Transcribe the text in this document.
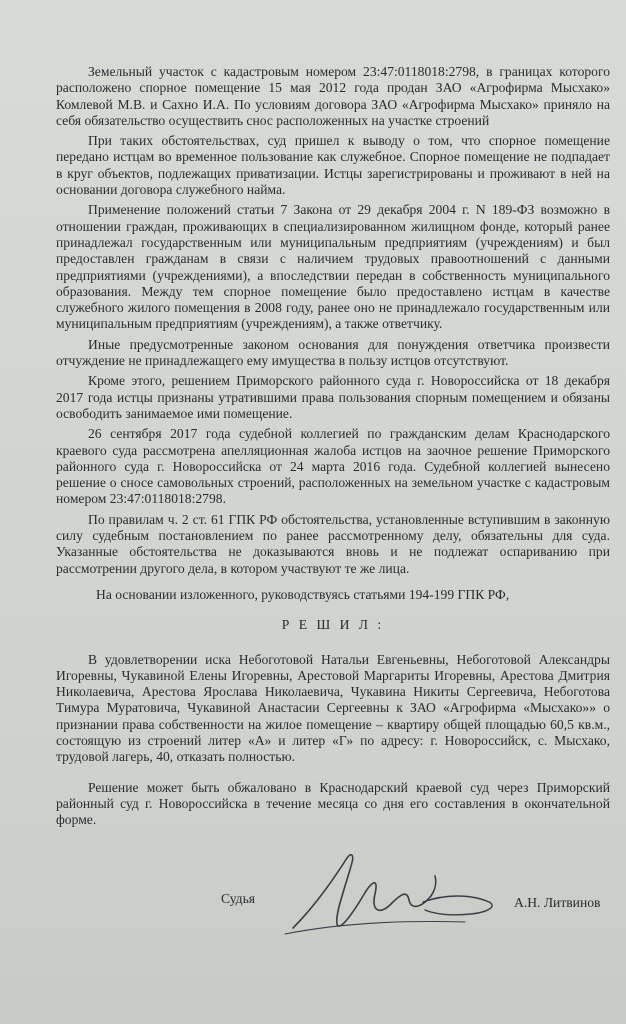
Земельный участок с кадастровым номером 23:47:0118018:2798, в границах которого расположено спорное помещение 15 мая 2012 года продан ЗАО «Агрофирма Мысхако» Комлевой М.В. и Сахно И.А. По условиям договора ЗАО «Агрофирма Мысхако» приняло на себя обязательство осуществить снос расположенных на участке строений

При таких обстоятельствах, суд пришел к выводу о том, что спорное помещение передано истцам во временное пользование как служебное. Спорное помещение не подпадает в круг объектов, подлежащих приватизации. Истцы зарегистрированы и проживают в ней на основании договора служебного найма.

Применение положений статьи 7 Закона от 29 декабря 2004 г. N 189-ФЗ возможно в отношении граждан, проживающих в специализированном жилищном фонде, который ранее принадлежал государственным или муниципальным предприятиям (учреждениям) и был предоставлен гражданам в связи с наличием трудовых правоотношений с данными предприятиями (учреждениями), а впоследствии передан в собственность муниципального образования. Между тем спорное помещение было предоставлено истцам в качестве служебного жилого помещения в 2008 году, ранее оно не принадлежало государственным или муниципальным предприятиям (учреждениям), а также ответчику.

Иные предусмотренные законом основания для понуждения ответчика произвести отчуждение не принадлежащего ему имущества в пользу истцов отсутствуют.

Кроме этого, решением Приморского районного суда г. Новороссийска от 18 декабря 2017 года истцы признаны утратившими права пользования спорным помещением и обязаны освободить занимаемое ими помещение.

26 сентября 2017 года судебной коллегией по гражданским делам Краснодарского краевого суда рассмотрена апелляционная жалоба истцов на заочное решение Приморского районного суда г. Новороссийска от 24 марта 2016 года. Судебной коллегией вынесено решение о сносе самовольных строений, расположенных на земельном участке с кадастровым номером 23:47:0118018:2798.

По правилам ч. 2 ст. 61 ГПК РФ обстоятельства, установленные вступившим в законную силу судебным постановлением по ранее рассмотренному делу, обязательны для суда. Указанные обстоятельства не доказываются вновь и не подлежат оспариванию при рассмотрении другого дела, в котором участвуют те же лица.

На основании изложенного, руководствуясь статьями 194-199 ГПК РФ,

Р Е Ш И Л :

В удовлетворении иска Небоготовой Натальи Евгеньевны, Небоготовой Александры Игоревны, Чукавиной Елены Игоревны, Арестовой Маргариты Игоревны, Арестова Дмитрия Николаевича, Арестова Ярослава Николаевича, Чукавина Никиты Сергеевича, Небоготова Тимура Муратовича, Чукавиной Анастасии Сергеевны к ЗАО «Агрофирма «Мысхако»» о признании права собственности на жилое помещение – квартиру общей площадью 60,5 кв.м., состоящую из строений литер «А» и литер «Г» по адресу: г. Новороссийск, с. Мысхако, трудовой лагерь, 40, отказать полностью.

Решение может быть обжаловано в Краснодарский краевой суд через Приморский районный суд г. Новороссийска в течение месяца со дня его составления в окончательной форме.

Судья	А.Н. Литвинов
